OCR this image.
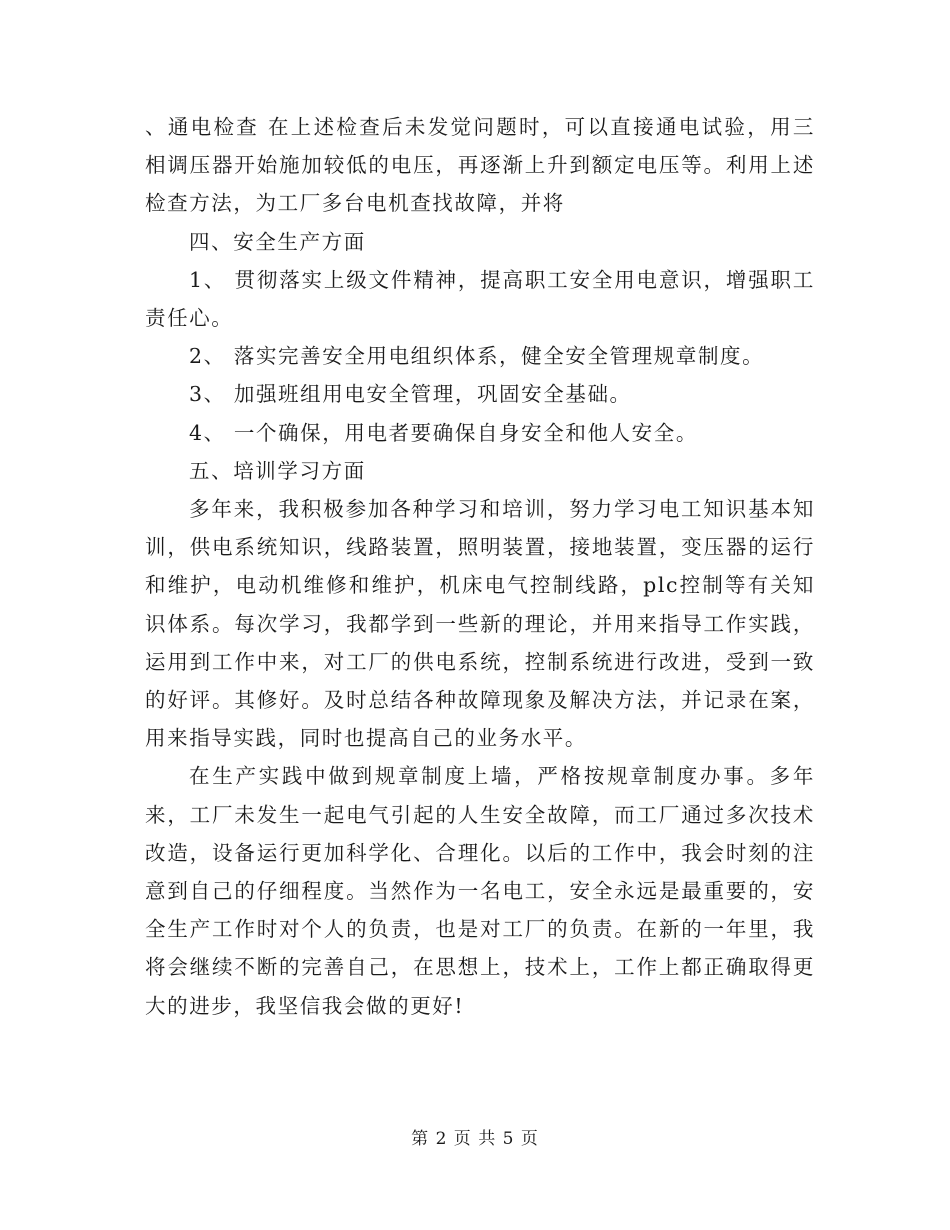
、通电检查 在上述检查后未发觉问题时，可以直接通电试验，用三相调压器开始施加较低的电压，再逐渐上升到额定电压等。利用上述检查方法，为工厂多台电机查找故障，并将

四、安全生产方面

1、 贯彻落实上级文件精神，提高职工安全用电意识，增强职工责任心。

2、 落实完善安全用电组织体系，健全安全管理规章制度。

3、 加强班组用电安全管理，巩固安全基础。

4、 一个确保，用电者要确保自身安全和他人安全。

五、培训学习方面

多年来，我积极参加各种学习和培训，努力学习电工知识基本知训，供电系统知识，线路装置，照明装置，接地装置，变压器的运行和维护，电动机维修和维护，机床电气控制线路，plc控制等有关知识体系。每次学习，我都学到一些新的理论，并用来指导工作实践，运用到工作中来，对工厂的供电系统，控制系统进行改进，受到一致的好评。其修好。及时总结各种故障现象及解决方法，并记录在案，用来指导实践，同时也提高自己的业务水平。

在生产实践中做到规章制度上墙，严格按规章制度办事。多年来，工厂未发生一起电气引起的人生安全故障，而工厂通过多次技术改造，设备运行更加科学化、合理化。以后的工作中，我会时刻的注意到自己的仔细程度。当然作为一名电工，安全永远是最重要的，安全生产工作时对个人的负责，也是对工厂的负责。在新的一年里，我将会继续不断的完善自己，在思想上，技术上，工作上都正确取得更大的进步，我坚信我会做的更好!

第 2 页 共 5 页
